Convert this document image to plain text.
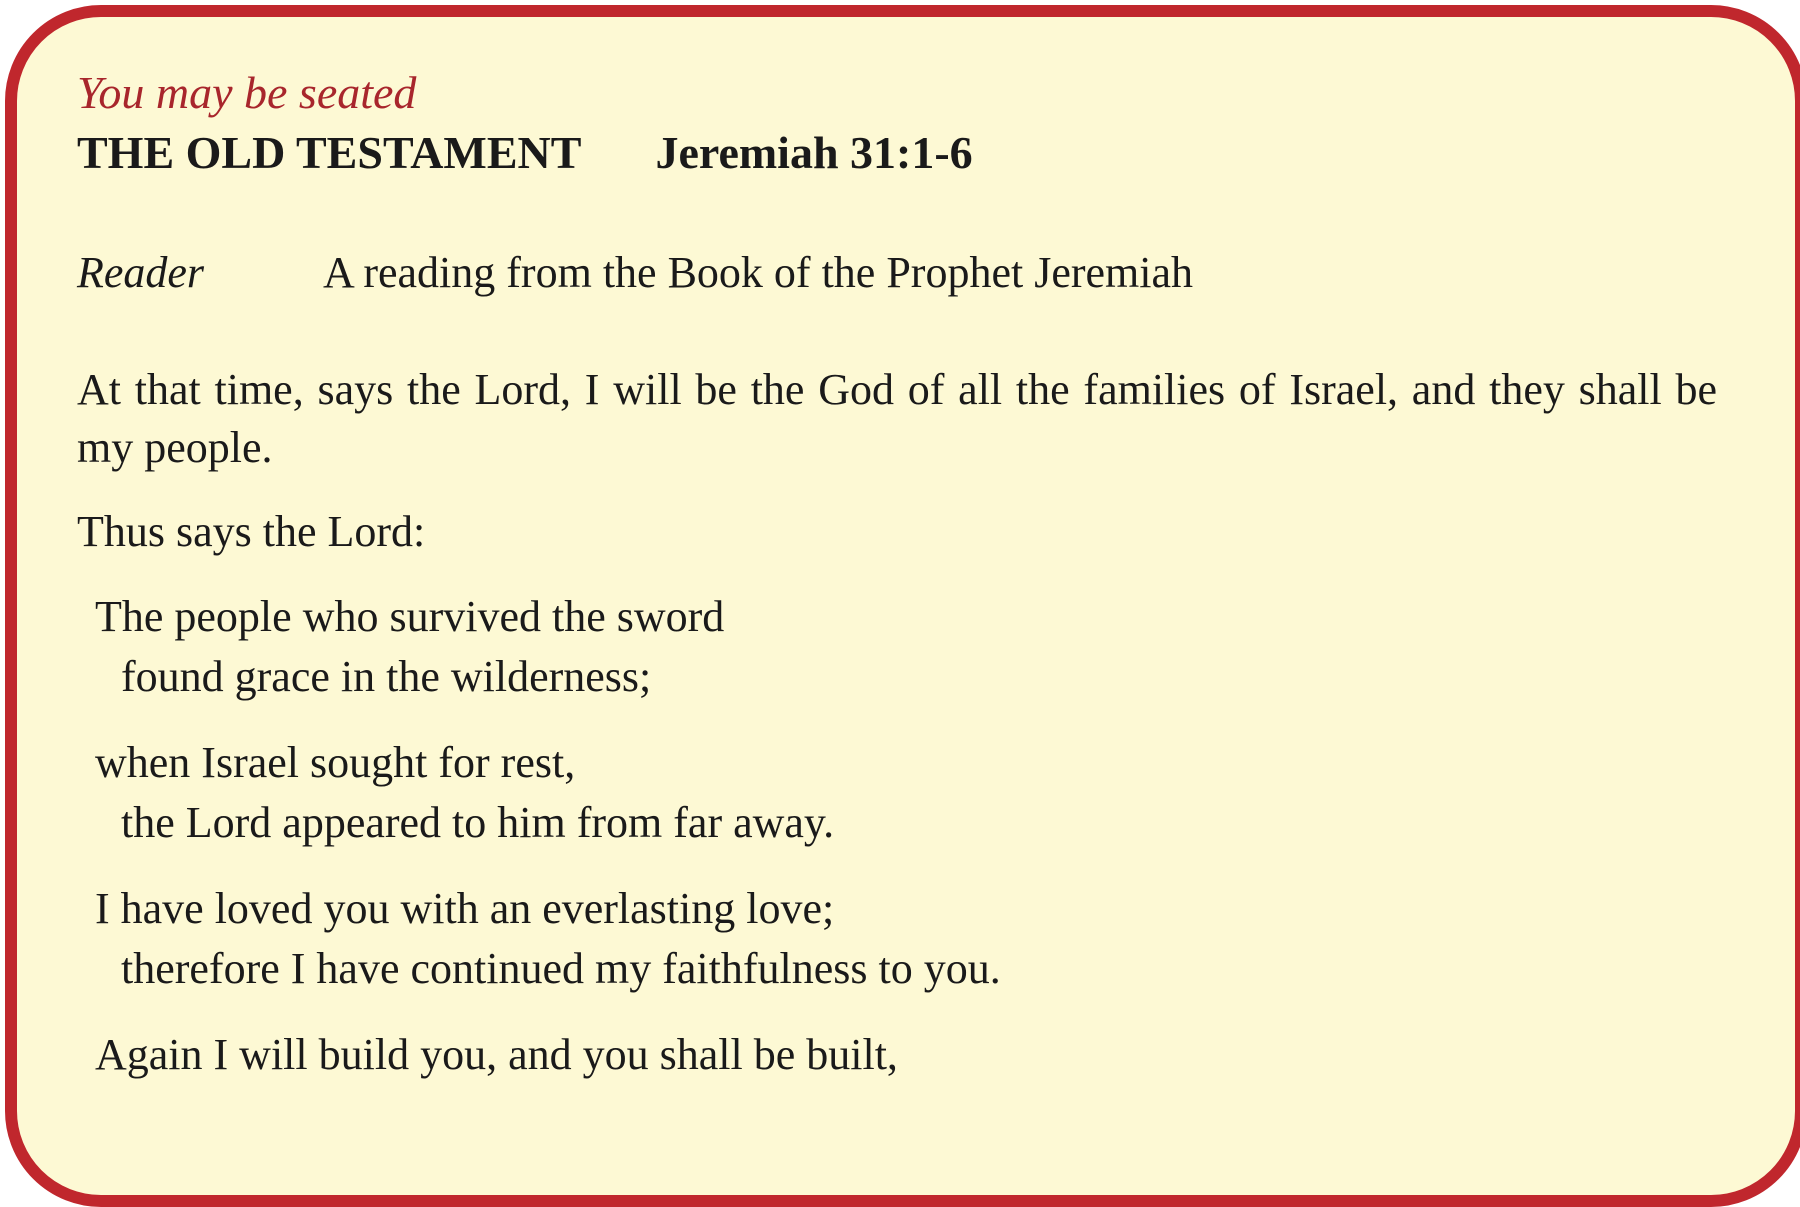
You may be seated

THE OLD TESTAMENT Jeremiah 31:1-6

Reader	A reading from the Book of the Prophet Jeremiah

At that time, says the Lord, I will be the God of all the families of Israel, and they shall be my people.

Thus says the Lord:

The people who survived the sword
found grace in the wilderness;

when Israel sought for rest,
the Lord appeared to him from far away.

I have loved you with an everlasting love;
therefore I have continued my faithfulness to you.

Again I will build you, and you shall be built,
